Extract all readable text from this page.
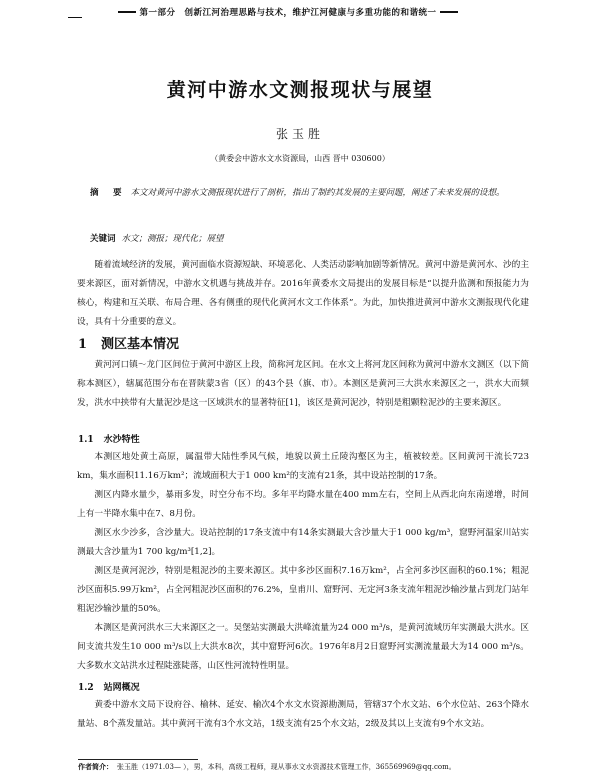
第一部分　创新江河治理思路与技术，维护江河健康与多重功能的和谐统一
黄河中游水文测报现状与展望
张玉胜
（黄委会中游水文水资源局，山西 晋中 030600）
摘　要 本文对黄河中游水文测报现状进行了剖析，指出了制约其发展的主要问题，阐述了未来发展的设想。
关键词 水文；测报；现代化；展望

随着流域经济的发展，黄河面临水资源短缺、环境恶化、人类活动影响加剧等新情况。黄河中游是黄河水、沙的主要来源区，面对新情况，中游水文机遇与挑战并存。2016年黄委水文局提出的发展目标是“以提升监测和预报能力为核心，构建和互关联、布局合理、各有侧重的现代化黄河水文工作体系”。为此，加快推进黄河中游水文测报现代化建设，具有十分重要的意义。

1 测区基本情况

黄河河口镇～龙门区间位于黄河中游区上段，简称河龙区间。在水文上将河龙区间称为黄河中游水文测区（以下简称本测区），辖属范围分布在晋陕蒙3省（区）的43个县（旗、市）。本测区是黄河三大洪水来源区之一，洪水大而频发，洪水中挟带有大量泥沙是这一区域洪水的显著特征[1]，该区是黄河泥沙，特别是粗颗粒泥沙的主要来源区。

1.1 水沙特性

本测区地处黄土高原，属温带大陆性季风气候，地貌以黄土丘陵沟壑区为主，植被较差。区间黄河干流长723 km，集水面积11.16万km²；流域面积大于1 000 km²的支流有21条，其中设站控制的17条。

测区内降水量少，暴雨多发，时空分布不均。多年平均降水量在400 mm左右，空间上从西北向东南递增，时间上有一半降水集中在7、8月份。

测区水少沙多，含沙量大。设站控制的17条支流中有14条实测最大含沙量大于1 000 kg/m³，窟野河温家川站实测最大含沙量为1 700 kg/m³[1,2]。

测区是黄河泥沙，特别是粗泥沙的主要来源区。其中多沙区面积7.16万km²，占全河多沙区面积的60.1%；粗泥沙区面积5.99万km²，占全河粗泥沙区面积的76.2%，皇甫川、窟野河、无定河3条支流年粗泥沙输沙量占到龙门站年粗泥沙输沙量的50%。

本测区是黄河洪水三大来源区之一。吴堡站实测最大洪峰流量为24 000 m³/s，是黄河流域历年实测最大洪水。区间支流共发生10 000 m³/s以上大洪水8次，其中窟野河6次。1976年8月2日窟野河实测流量最大为14 000 m³/s。大多数水文站洪水过程陡涨陡落，山区性河流特性明显。

1.2 站网概况

黄委中游水文局下设府谷、榆林、延安、榆次4个水文水资源勘测局，管辖37个水文站、6个水位站、263个降水量站、8个蒸发量站。其中黄河干流有3个水文站，1级支流有25个水文站，2级及其以上支流有9个水文站。

作者简介： 张玉胜（1971.03— ），男，本科，高级工程师，现从事水文水资源技术管理工作，365569969@qq.com。
